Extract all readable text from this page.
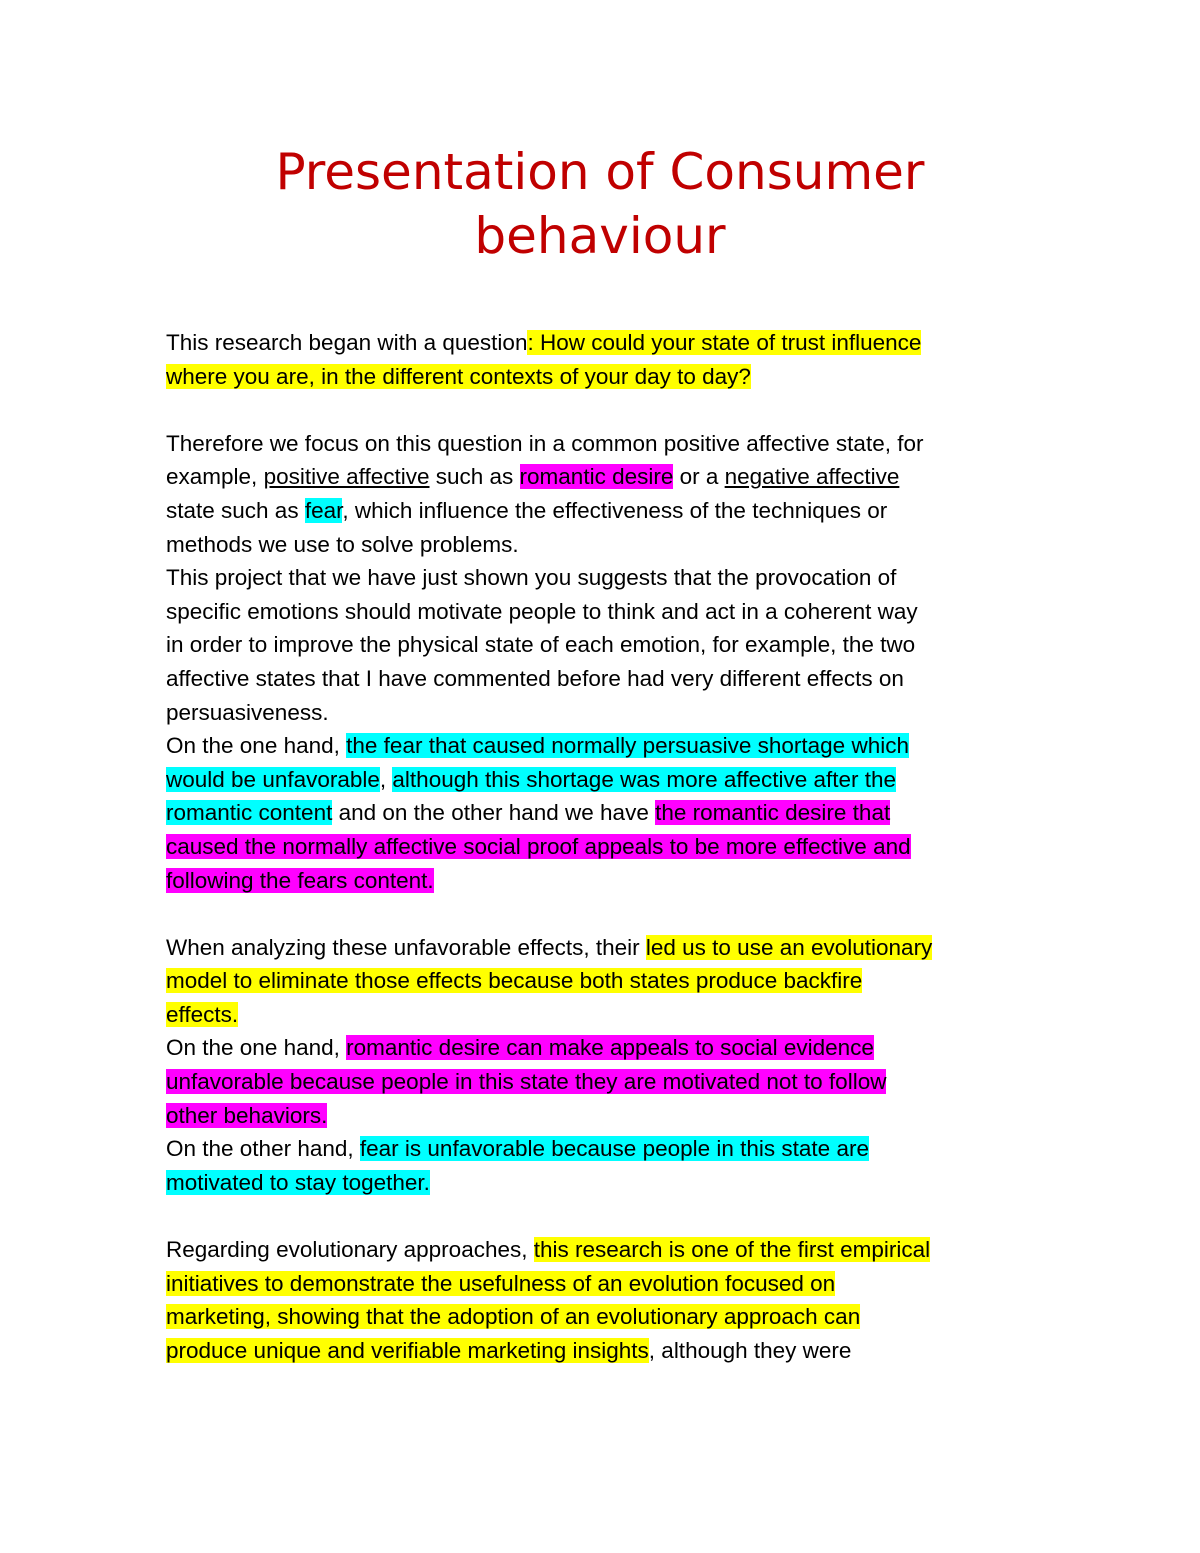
Presentation of Consumer
behaviour

This research began with a question: How could your state of trust influence

where you are, in the different contexts of your day to day?

Therefore we focus on this question in a common positive affective state, for

example, positive affective such as romantic desire or a negative affective

state such as fear, which influence the effectiveness of the techniques or

methods we use to solve problems.

This project that we have just shown you suggests that the provocation of

specific emotions should motivate people to think and act in a coherent way

in order to improve the physical state of each emotion, for example, the two

affective states that I have commented before had very different effects on

persuasiveness.

On the one hand, the fear that caused normally persuasive shortage which

would be unfavorable, although this shortage was more affective after the

romantic content and on the other hand we have the romantic desire that

caused the normally affective social proof appeals to be more effective and

following the fears content.

When analyzing these unfavorable effects, their led us to use an evolutionary

model to eliminate those effects because both states produce backfire

effects.

On the one hand, romantic desire can make appeals to social evidence

unfavorable because people in this state they are motivated not to follow

other behaviors.

On the other hand, fear is unfavorable because people in this state are

motivated to stay together.

Regarding evolutionary approaches, this research is one of the first empirical

initiatives to demonstrate the usefulness of an evolution focused on

marketing, showing that the adoption of an evolutionary approach can

produce unique and verifiable marketing insights, although they were
